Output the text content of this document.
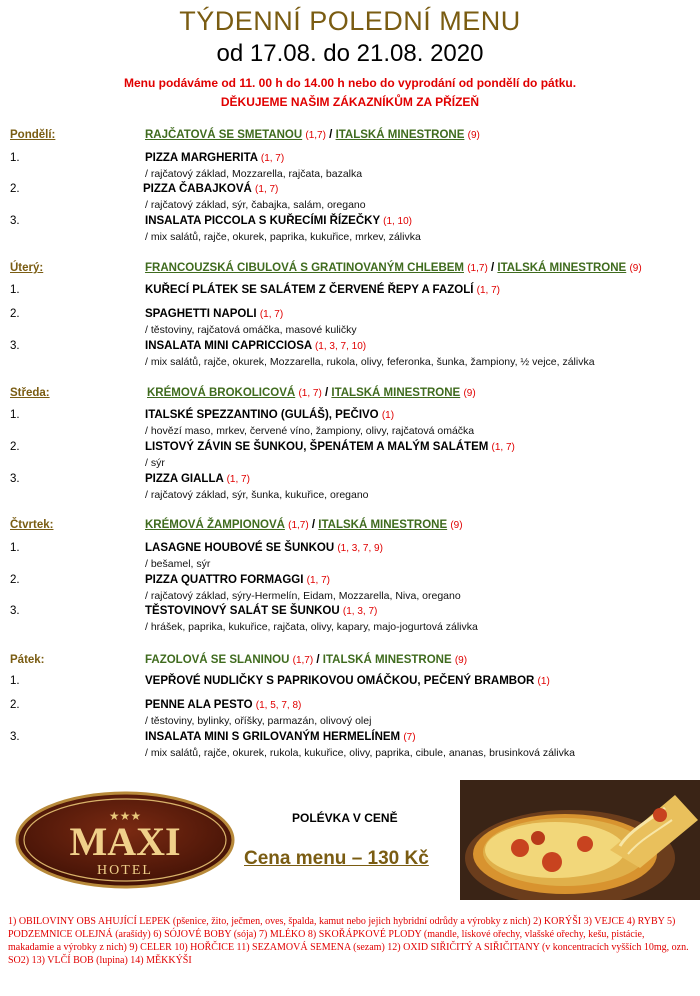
TÝDENNÍ POLEDNÍ MENU
od 17.08. do 21.08. 2020
Menu podáváme od 11. 00 h do 14.00 h nebo do vyprodání od pondělí do pátku.
DĚKUJEME NAŠIM ZÁKAZNÍKŮM ZA PŘÍZEŇ
Pondělí:	RAJČATOVÁ SE SMETANOU (1,7) / ITALSKÁ MINESTRONE (9)
1.	PIZZA MARGHERITA (1, 7)
/ rajčatový základ, Mozzarella, rajčata, bazalka
2.	PIZZA ČABAJKOVÁ (1, 7)
/ rajčatový základ, sýr, čabajka, salám, oregano
3.	INSALATA PICCOLA S KUŘECÍMI ŘÍZEČKY (1, 10)
/ mix salátů, rajče, okurek, paprika, kukuřice, mrkev, zálivka
Úterý:	FRANCOUZSKÁ CIBULOVÁ S GRATINOVANÝM CHLEBEM (1,7) / ITALSKÁ MINESTRONE (9)
1.	KUŘECÍ PLÁTEK SE SALÁTEM Z ČERVENÉ ŘEPY A FAZOLÍ (1, 7)
2.	SPAGHETTI NAPOLI (1, 7)
/ těstoviny, rajčatová omáčka, masové kuličky
3.	INSALATA MINI CAPRICCIOSA (1, 3, 7, 10)
/ mix salátů, rajče, okurek, Mozzarella, rukola, olivy, feferonka, šunka, žampiony, ½ vejce, zálivka
Středa:	KRÉMOVÁ BROKOLICOVÁ (1, 7) / ITALSKÁ MINESTRONE (9)
1.	ITALSKÉ SPEZZANTINO (GULÁŠ), PEČIVO (1)
/ hovězí maso, mrkev, červené víno, žampiony, olivy, rajčatová omáčka
2.	LISTOVÝ ZÁVIN SE ŠUNKOU, ŠPENÁTEM A MALÝM SALÁTEM (1, 7)
/ sýr
3.	PIZZA GIALLA (1, 7)
/ rajčatový základ, sýr, šunka, kukuřice, oregano
Čtvrtek:	KRÉMOVÁ ŽAMPIONOVÁ (1,7) / ITALSKÁ MINESTRONE (9)
1.	LASAGNE HOUBOVÉ SE ŠUNKOU (1, 3, 7, 9)
/ bešamel, sýr
2.	PIZZA QUATTRO FORMAGGI (1, 7)
/ rajčatový základ, sýry-Hermelín, Eidam, Mozzarella, Niva, oregano
3.	TĚSTOVINOVÝ SALÁT SE ŠUNKOU (1, 3, 7)
/ hrášek, paprika, kukuřice, rajčata, olivy, kapary, majo-jogurtová zálivka
Pátek:	FAZOLOVÁ SE SLANINOU (1,7) / ITALSKÁ MINESTRONE (9)
1.	VEPŘOVÉ NUDLIČKY S PAPRIKOVOU OMÁČKOU, PEČENÝ BRAMBOR (1)
2.	PENNE ALA PESTO (1, 5, 7, 8)
/ těstoviny, bylinky, oříšky, parmazán, olivový olej
3.	INSALATA MINI S GRILOVANÝM HERMELÍNEM (7)
/ mix salátů, rajče, okurek, rukola, kukuřice, olivy, paprika, cibule, ananas, brusinková zálivka
★★★
MAXI
HOTEL
POLÉVKA V CENĚ
Cena menu – 130 Kč
1) OBILOVINY OBS AHUJÍCÍ LEPEK (pšenice, žito, ječmen, oves, špalda, kamut nebo jejich hybridní odrůdy a výrobky z nich) 2) KORÝŠI 3) VEJCE 4) RYBY 5) PODZEMNICE OLEJNÁ (arašídy) 6) SÓJOVÉ BOBY (sója) 7) MLÉKO 8) SKOŘÁPKOVÉ PLODY (mandle, lískové ořechy, vlašské ořechy, kešu, pistácie, makadamie a výrobky z nich) 9) CELER 10) HOŘČICE 11) SEZAMOVÁ SEMENA (sezam) 12) OXID SIŘIČITÝ A SIŘIČITANY (v koncentracích vyšších 10mg, ozn. SO2) 13) VLČÍ BOB (lupina) 14) MĚKKÝŠI
